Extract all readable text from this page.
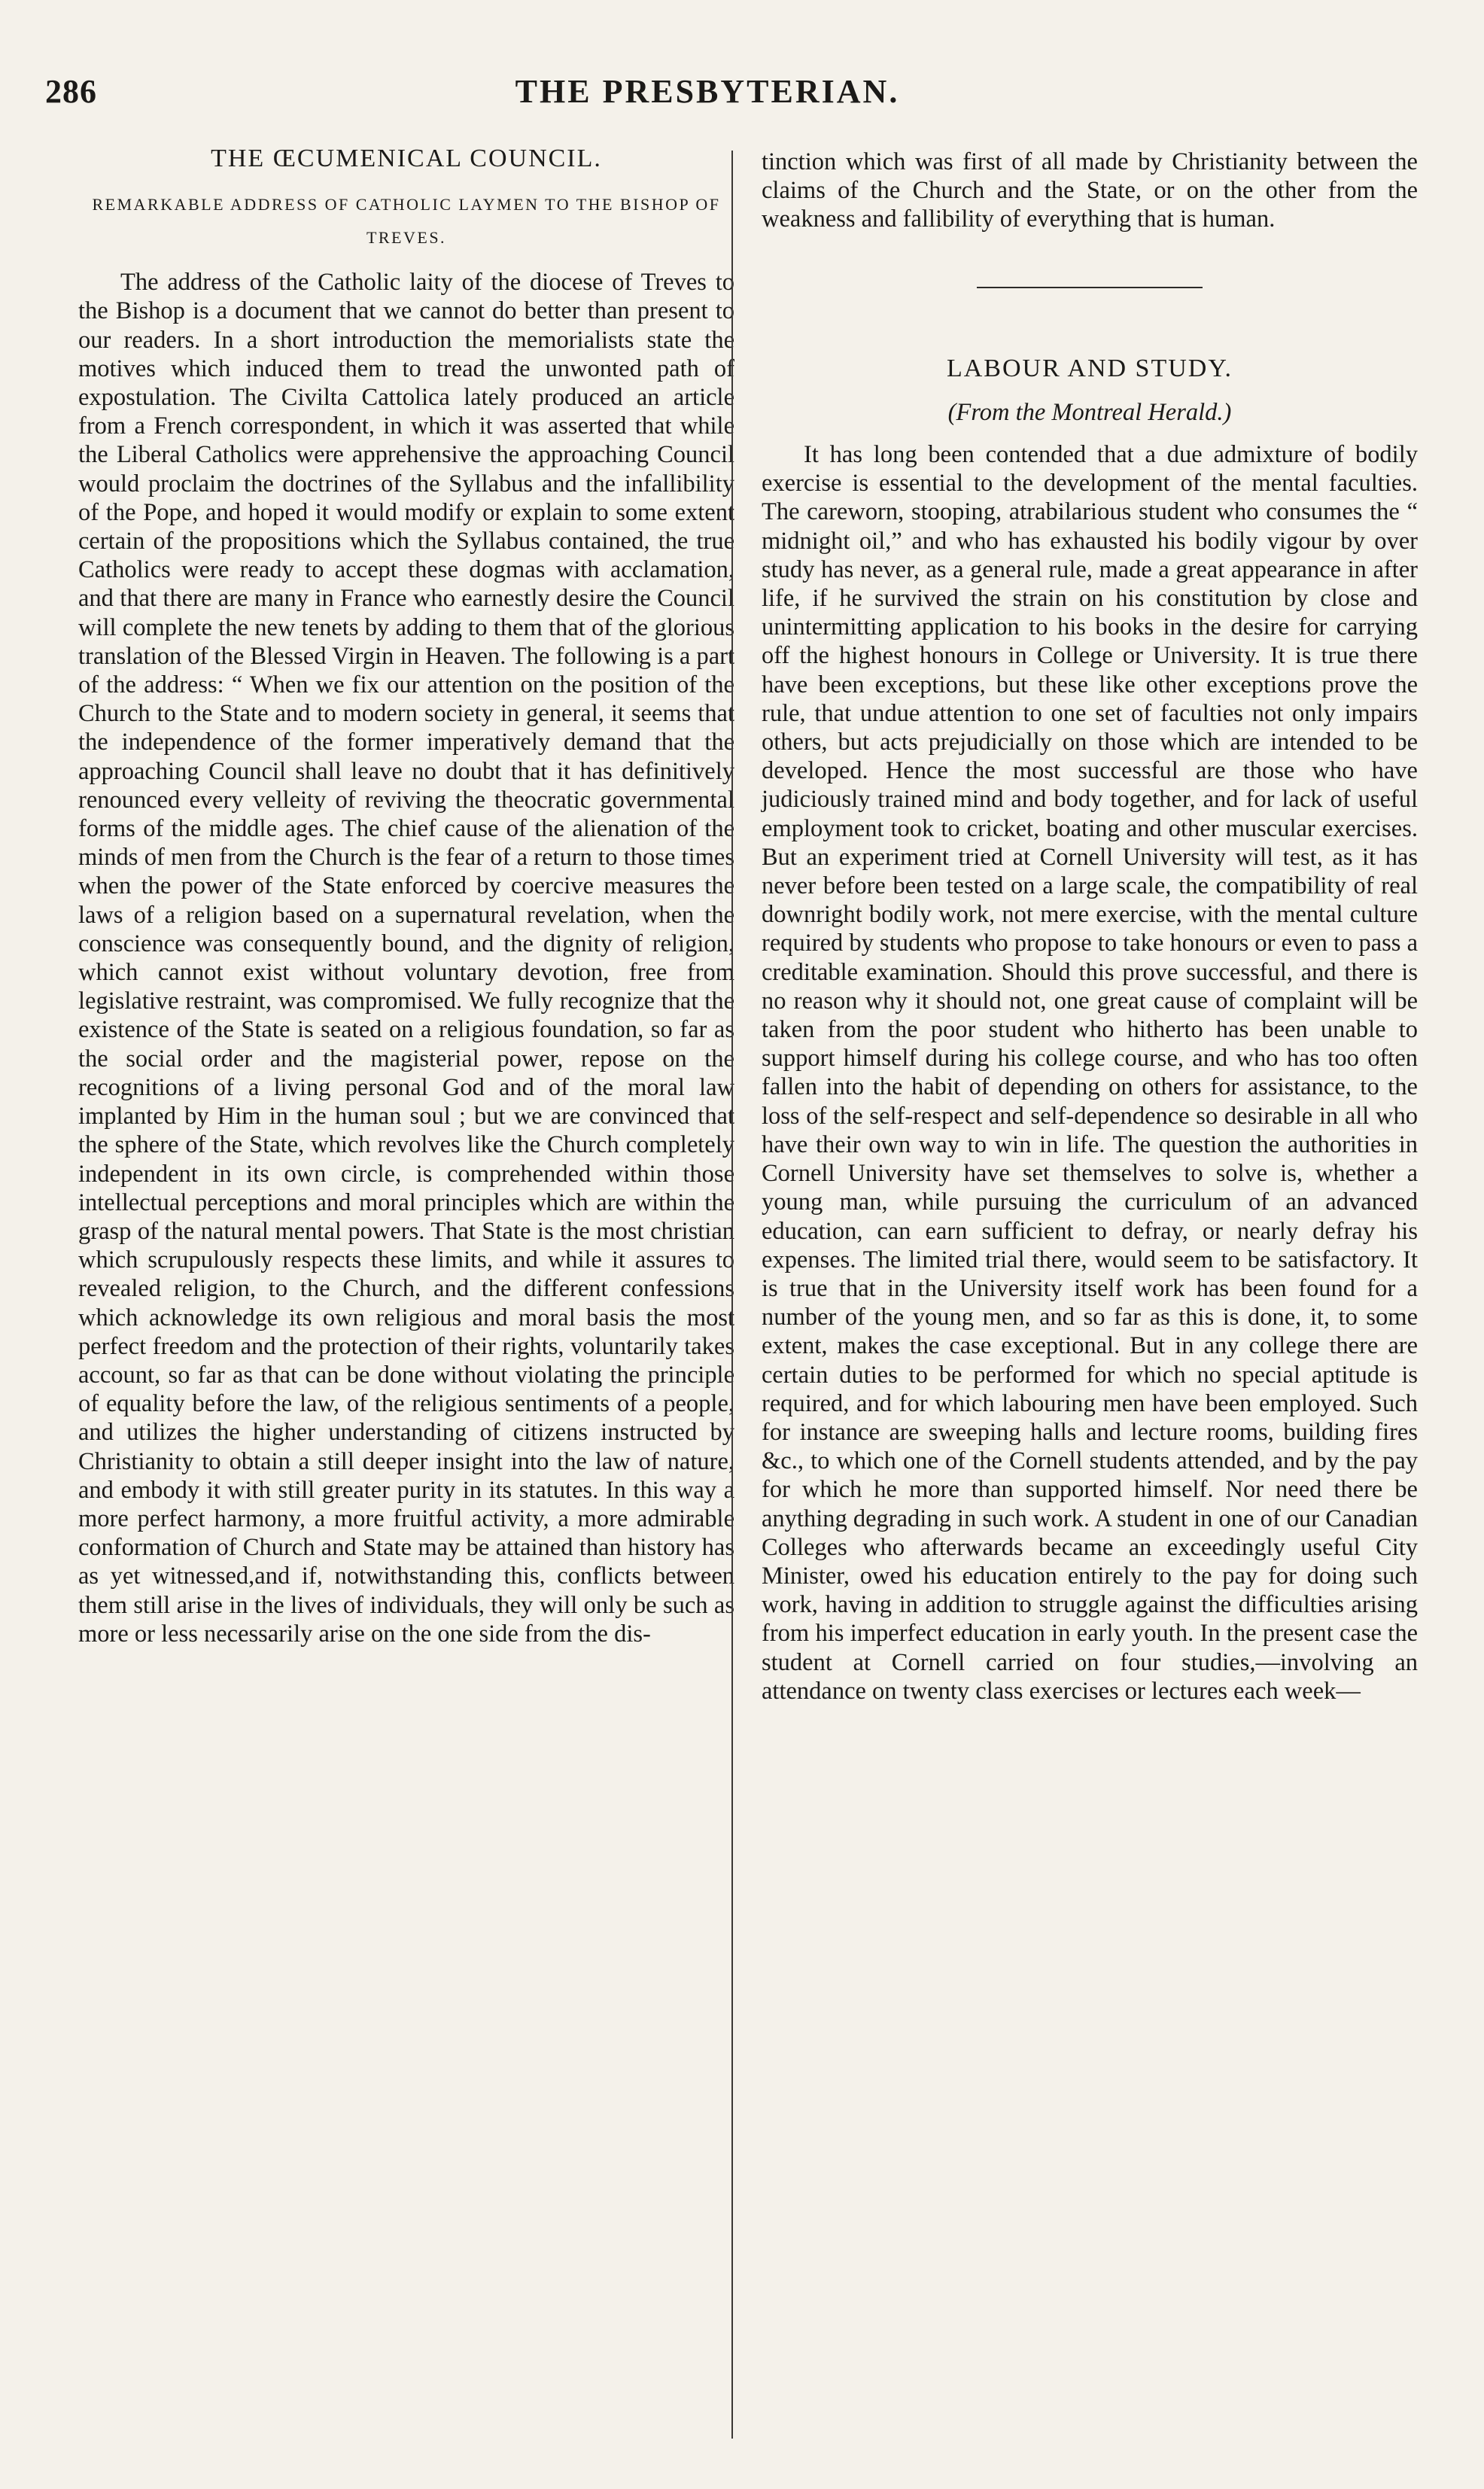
286	THE PRESBYTERIAN.
THE ŒCUMENICAL COUNCIL.
REMARKABLE ADDRESS OF CATHOLIC LAYMEN TO THE BISHOP OF TREVES.

The address of the Catholic laity of the diocese of Treves to the Bishop is a document that we cannot do better than present to our readers. In a short introduction the memorialists state the motives which induced them to tread the unwonted path of expostulation. The Civilta Cattolica lately produced an article from a French correspondent, in which it was asserted that while the Liberal Catholics were apprehensive the approaching Council would proclaim the doctrines of the Syllabus and the infallibility of the Pope, and hoped it would modify or explain to some extent certain of the propositions which the Syllabus contained, the true Catholics were ready to accept these dogmas with acclamation, and that there are many in France who earnestly desire the Council will complete the new tenets by adding to them that of the glorious translation of the Blessed Virgin in Heaven. The following is a part of the address: “ When we fix our attention on the position of the Church to the State and to modern society in general, it seems that the independence of the former imperatively demand that the approaching Council shall leave no doubt that it has definitively renounced every velleity of reviving the theocratic governmental forms of the middle ages. The chief cause of the alienation of the minds of men from the Church is the fear of a return to those times when the power of the State enforced by coercive measures the laws of a religion based on a supernatural revelation, when the conscience was consequently bound, and the dignity of religion, which cannot exist without voluntary devotion, free from legislative restraint, was compromised. We fully recognize that the existence of the State is seated on a religious foundation, so far as the social order and the magisterial power, repose on the recognitions of a living personal God and of the moral law implanted by Him in the human soul ; but we are convinced that the sphere of the State, which revolves like the Church completely independent in its own circle, is comprehended within those intellectual perceptions and moral principles which are within the grasp of the natural mental powers. That State is the most christian which scrupulously respects these limits, and while it assures to revealed religion, to the Church, and the different confessions which acknowledge its own religious and moral basis the most perfect freedom and the protection of their rights, voluntarily takes account, so far as that can be done without violating the principle of equality before the law, of the religious sentiments of a people, and utilizes the higher understanding of citizens instructed by Christianity to obtain a still deeper insight into the law of nature, and embody it with still greater purity in its statutes. In this way a more perfect harmony, a more fruitful activity, a more admirable conformation of Church and State may be attained than history has as yet witnessed,and if, notwithstanding this, conflicts between them still arise in the lives of individuals, they will only be such as more or less necessarily arise on the one side from the dis-

tinction which was first of all made by Christianity between the claims of the Church and the State, or on the other from the weakness and fallibility of everything that is human.

LABOUR AND STUDY.
(From the Montreal Herald.)

It has long been contended that a due admixture of bodily exercise is essential to the development of the mental faculties. The careworn, stooping, atrabilarious student who consumes the “ midnight oil,” and who has exhausted his bodily vigour by over study has never, as a general rule, made a great appearance in after life, if he survived the strain on his constitution by close and unintermitting application to his books in the desire for carrying off the highest honours in College or University. It is true there have been exceptions, but these like other exceptions prove the rule, that undue attention to one set of faculties not only impairs others, but acts prejudicially on those which are intended to be developed. Hence the most successful are those who have judiciously trained mind and body together, and for lack of useful employment took to cricket, boating and other muscular exercises. But an experiment tried at Cornell University will test, as it has never before been tested on a large scale, the compatibility of real downright bodily work, not mere exercise, with the mental culture required by students who propose to take honours or even to pass a creditable examination. Should this prove successful, and there is no reason why it should not, one great cause of complaint will be taken from the poor student who hitherto has been unable to support himself during his college course, and who has too often fallen into the habit of depending on others for assistance, to the loss of the self-respect and self-dependence so desirable in all who have their own way to win in life. The question the authorities in Cornell University have set themselves to solve is, whether a young man, while pursuing the curriculum of an advanced education, can earn sufficient to defray, or nearly defray his expenses. The limited trial there, would seem to be satisfactory. It is true that in the University itself work has been found for a number of the young men, and so far as this is done, it, to some extent, makes the case exceptional. But in any college there are certain duties to be performed for which no special aptitude is required, and for which labouring men have been employed. Such for instance are sweeping halls and lecture rooms, building fires &c., to which one of the Cornell students attended, and by the pay for which he more than supported himself. Nor need there be anything degrading in such work. A student in one of our Canadian Colleges who afterwards became an exceedingly useful City Minister, owed his education entirely to the pay for doing such work, having in addition to struggle against the difficulties arising from his imperfect education in early youth. In the present case the student at Cornell carried on four studies,—involving an attendance on twenty class exercises or lectures each week—
